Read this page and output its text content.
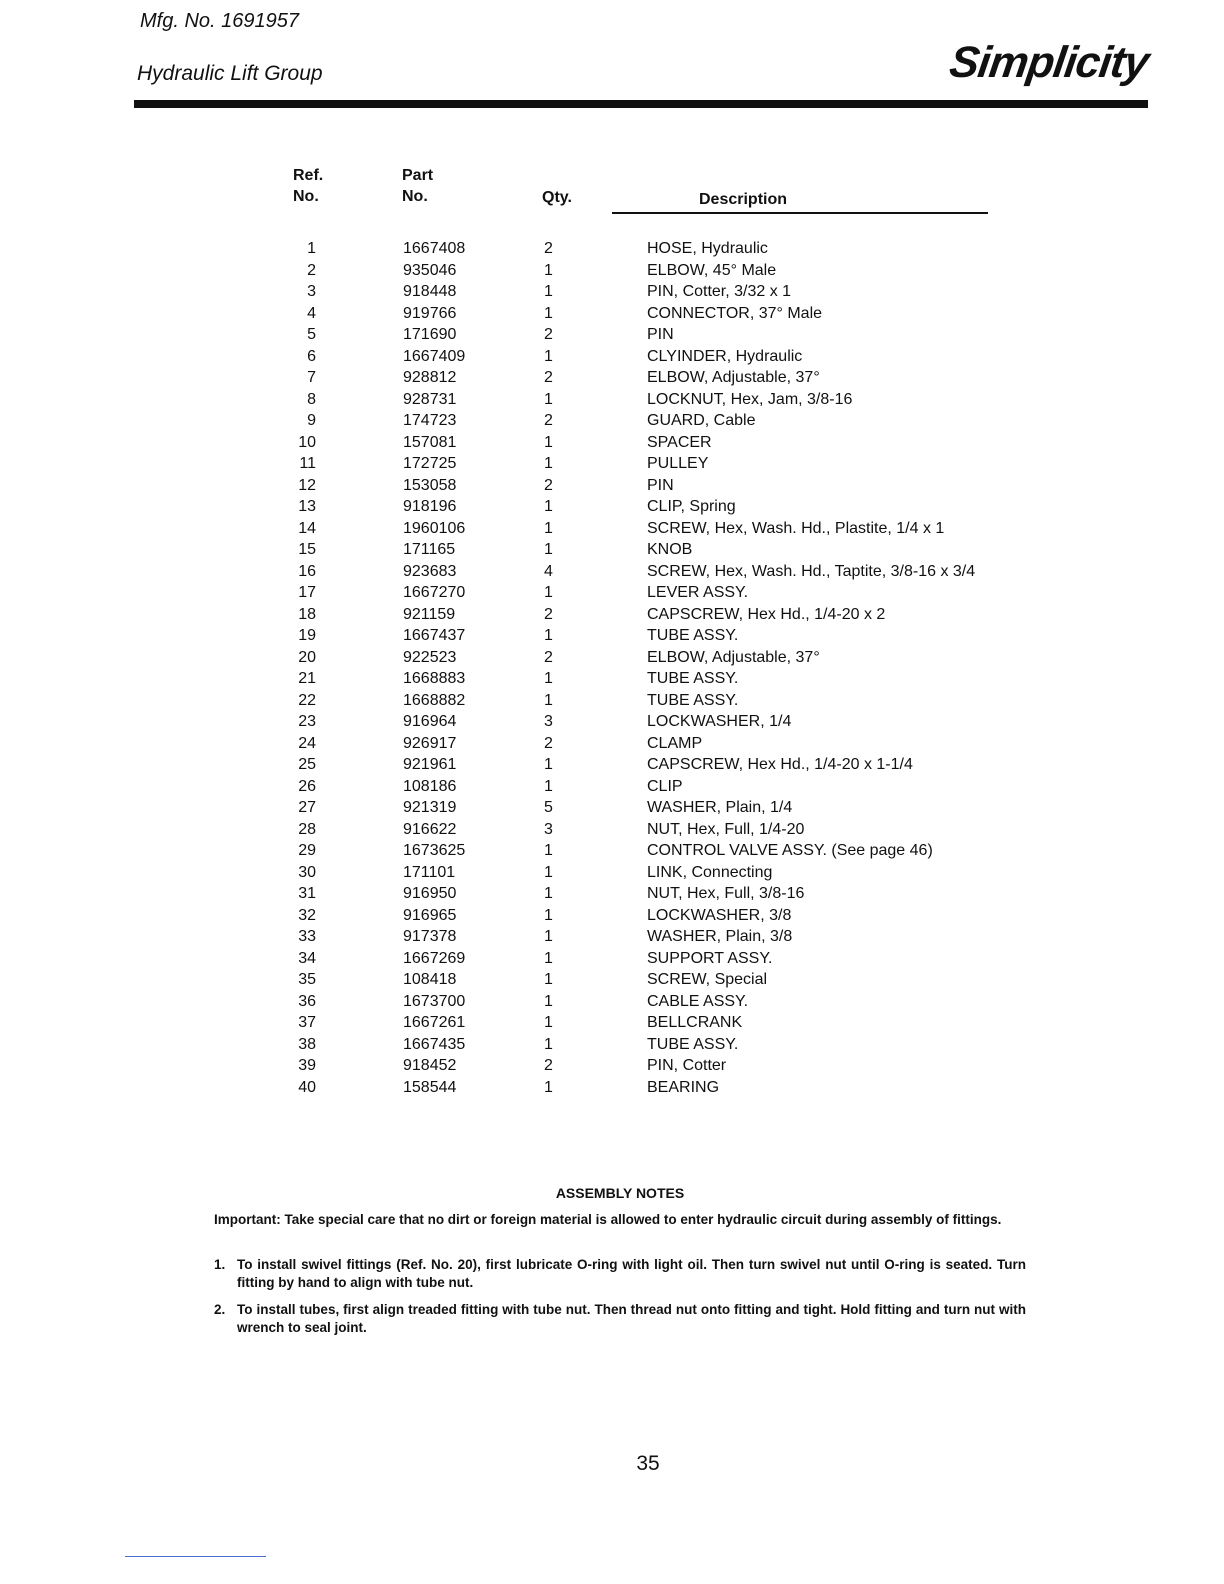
Mfg. No. 1691957
Hydraulic Lift Group	Simplicity
Ref.
No.
Part
No.	Qty.	Description
1	1667408	2	HOSE, Hydraulic
2	935046	1	ELBOW, 45° Male
3	918448	1	PIN, Cotter, 3/32 x 1
4	919766	1	CONNECTOR, 37° Male
5	171690	2	PIN
6	1667409	1	CLYINDER, Hydraulic
7	928812	2	ELBOW, Adjustable, 37°
8	928731	1	LOCKNUT, Hex, Jam, 3/8-16
9	174723	2	GUARD, Cable
10	157081	1	SPACER
11	172725	1	PULLEY
12	153058	2	PIN
13	918196	1	CLIP, Spring
14	1960106	1	SCREW, Hex, Wash. Hd., Plastite, 1/4 x 1
15	171165	1	KNOB
16	923683	4	SCREW, Hex, Wash. Hd., Taptite, 3/8-16 x 3/4
17	1667270	1	LEVER ASSY.
18	921159	2	CAPSCREW, Hex Hd., 1/4-20 x 2
19	1667437	1	TUBE ASSY.
20	922523	2	ELBOW, Adjustable, 37°
21	1668883	1	TUBE ASSY.
22	1668882	1	TUBE ASSY.
23	916964	3	LOCKWASHER, 1/4
24	926917	2	CLAMP
25	921961	1	CAPSCREW, Hex Hd., 1/4-20 x 1-1/4
26	108186	1	CLIP
27	921319	5	WASHER, Plain, 1/4
28	916622	3	NUT, Hex, Full, 1/4-20
29	1673625	1	CONTROL VALVE ASSY. (See page 46)
30	171101	1	LINK, Connecting
31	916950	1	NUT, Hex, Full, 3/8-16
32	916965	1	LOCKWASHER, 3/8
33	917378	1	WASHER, Plain, 3/8
34	1667269	1	SUPPORT ASSY.
35	108418	1	SCREW, Special
36	1673700	1	CABLE ASSY.
37	1667261	1	BELLCRANK
38	1667435	1	TUBE ASSY.
39	918452	2	PIN, Cotter
40	158544	1	BEARING
ASSEMBLY NOTES
Important: Take special care that no dirt or foreign material is allowed to enter hydraulic circuit during assembly of fittings.
1. To install swivel fittings (Ref. No. 20), first lubricate O-ring with light oil. Then turn swivel nut until O-ring is seated. Turn fitting by hand to align with tube nut.
2. To install tubes, first align treaded fitting with tube nut. Then thread nut onto fitting and tight. Hold fitting and turn nut with wrench to seal joint.
35
